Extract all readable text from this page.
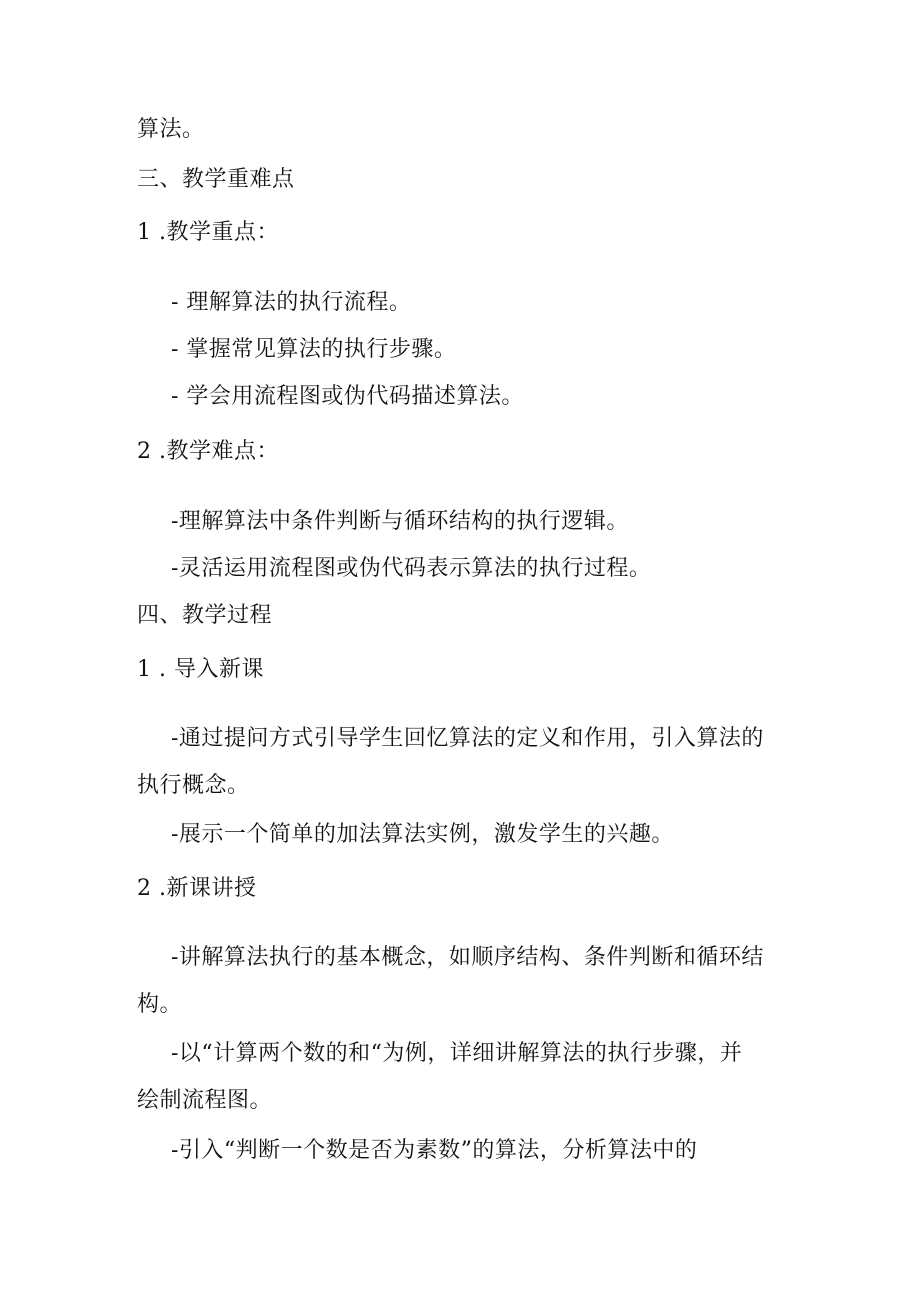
算法。
三、教学重难点
1 .教学重点：
- 理解算法的执行流程。
- 掌握常见算法的执行步骤。
- 学会用流程图或伪代码描述算法。
2 .教学难点：
-理解算法中条件判断与循环结构的执行逻辑。
-灵活运用流程图或伪代码表示算法的执行过程。
四、教学过程
1 . 导入新课
-通过提问方式引导学生回忆算法的定义和作用，引入算法的
执行概念。
-展示一个简单的加法算法实例，激发学生的兴趣。
2 .新课讲授
-讲解算法执行的基本概念，如顺序结构、条件判断和循环结
构。
-以“计算两个数的和“为例，详细讲解算法的执行步骤，并
绘制流程图。
-引入“判断一个数是否为素数”的算法，分析算法中的
